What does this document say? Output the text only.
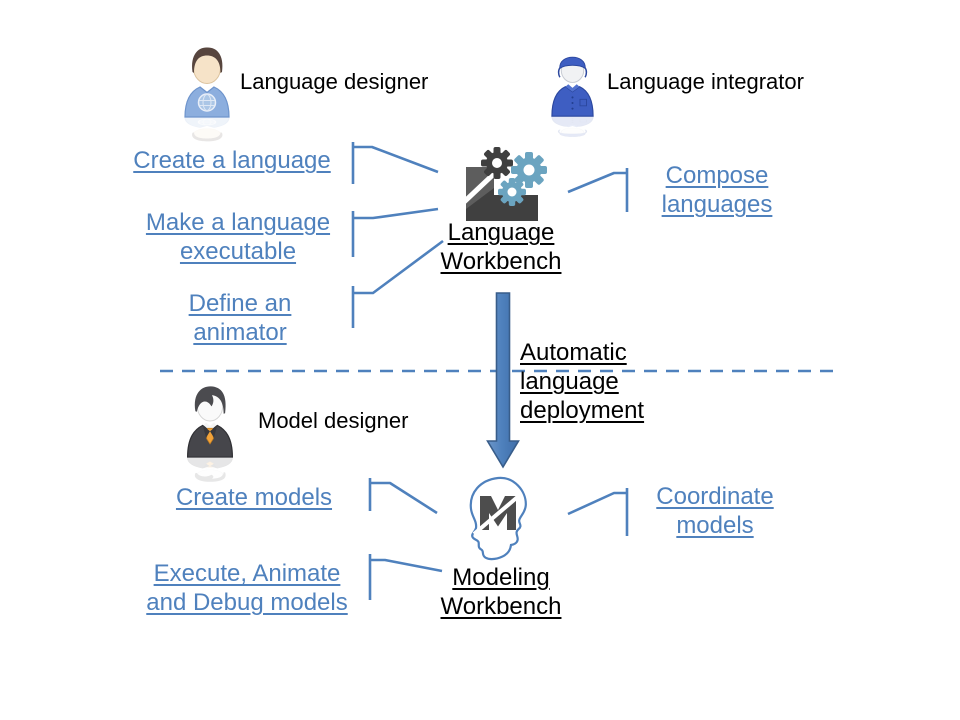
Language designer	Language integrator
Create a language
Make a language
executable
Define an
animator
Language
Workbench
Compose
languages
Automatic
language
deployment
Model designer
Create models
Execute, Animate
and Debug models
Modeling
Workbench
Coordinate
models
